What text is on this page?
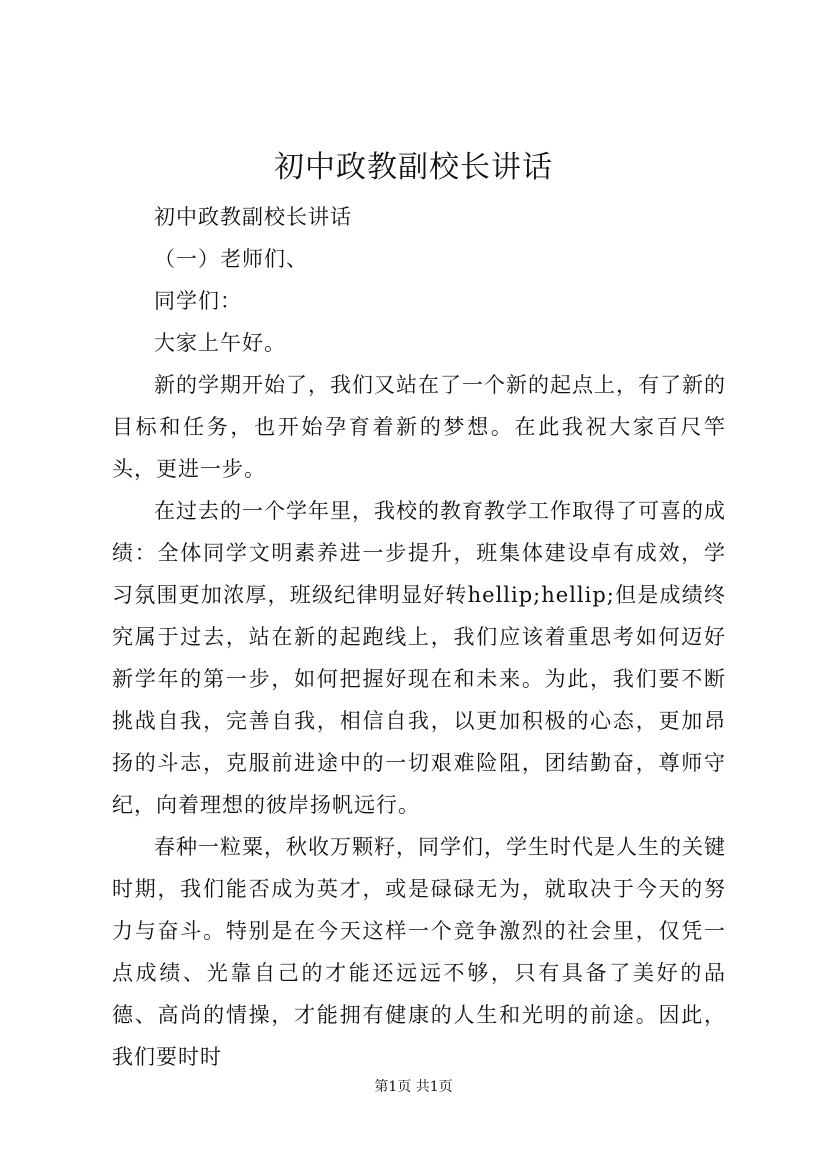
初中政教副校长讲话

初中政教副校长讲话

（一）老师们、

同学们：

大家上午好。

新的学期开始了，我们又站在了一个新的起点上，有了新的目标和任务，也开始孕育着新的梦想。在此我祝大家百尺竿头，更进一步。

在过去的一个学年里，我校的教育教学工作取得了可喜的成绩：全体同学文明素养进一步提升，班集体建设卓有成效，学习氛围更加浓厚，班级纪律明显好转hellip;hellip;但是成绩终究属于过去，站在新的起跑线上，我们应该着重思考如何迈好新学年的第一步，如何把握好现在和未来。为此，我们要不断挑战自我，完善自我，相信自我，以更加积极的心态，更加昂扬的斗志，克服前进途中的一切艰难险阻，团结勤奋，尊师守纪，向着理想的彼岸扬帆远行。

春种一粒粟，秋收万颗籽，同学们，学生时代是人生的关键时期，我们能否成为英才，或是碌碌无为，就取决于今天的努力与奋斗。特别是在今天这样一个竞争激烈的社会里，仅凭一点成绩、光靠自己的才能还远远不够，只有具备了美好的品德、高尚的情操，才能拥有健康的人生和光明的前途。因此，我们要时时

第1页 共1页
